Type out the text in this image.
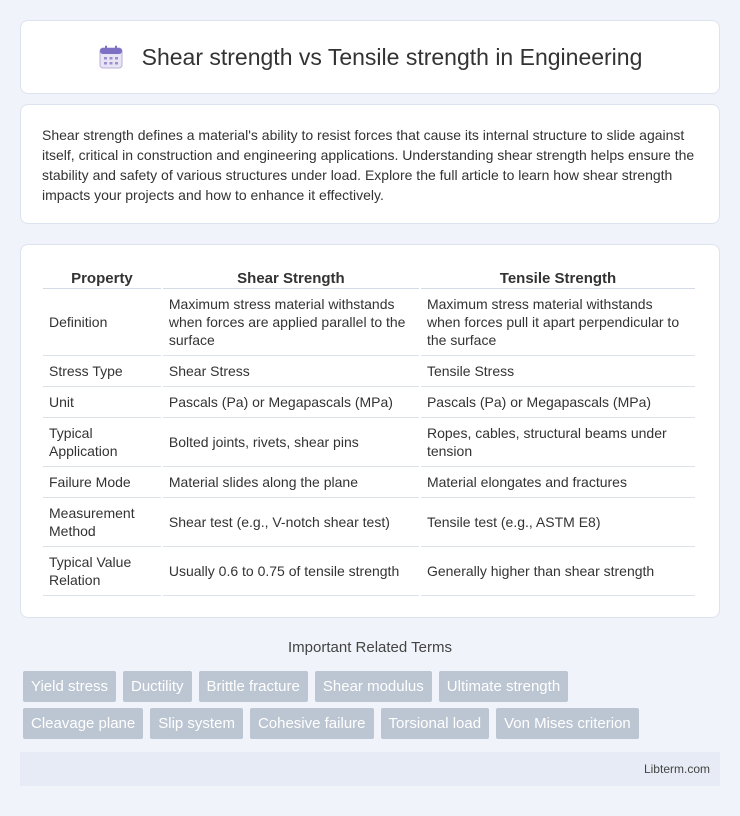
Shear strength vs Tensile strength in Engineering

Shear strength defines a material's ability to resist forces that cause its internal structure to slide against itself, critical in construction and engineering applications. Understanding shear strength helps ensure the stability and safety of various structures under load. Explore the full article to learn how shear strength impacts your projects and how to enhance it effectively.

Property	Shear Strength	Tensile Strength
Definition	Maximum stress material withstands when forces are applied parallel to the surface	Maximum stress material withstands when forces pull it apart perpendicular to the surface
Stress Type	Shear Stress	Tensile Stress
Unit	Pascals (Pa) or Megapascals (MPa)	Pascals (Pa) or Megapascals (MPa)
Typical Application	Bolted joints, rivets, shear pins	Ropes, cables, structural beams under tension
Failure Mode	Material slides along the plane	Material elongates and fractures
Measurement Method	Shear test (e.g., V-notch shear test)	Tensile test (e.g., ASTM E8)
Typical Value Relation	Usually 0.6 to 0.75 of tensile strength	Generally higher than shear strength
Important Related Terms
Yield stress	Ductility	Brittle fracture	Shear modulus	Ultimate strength
Cleavage plane	Slip system	Cohesive failure	Torsional load	Von Mises criterion
Libterm.com
